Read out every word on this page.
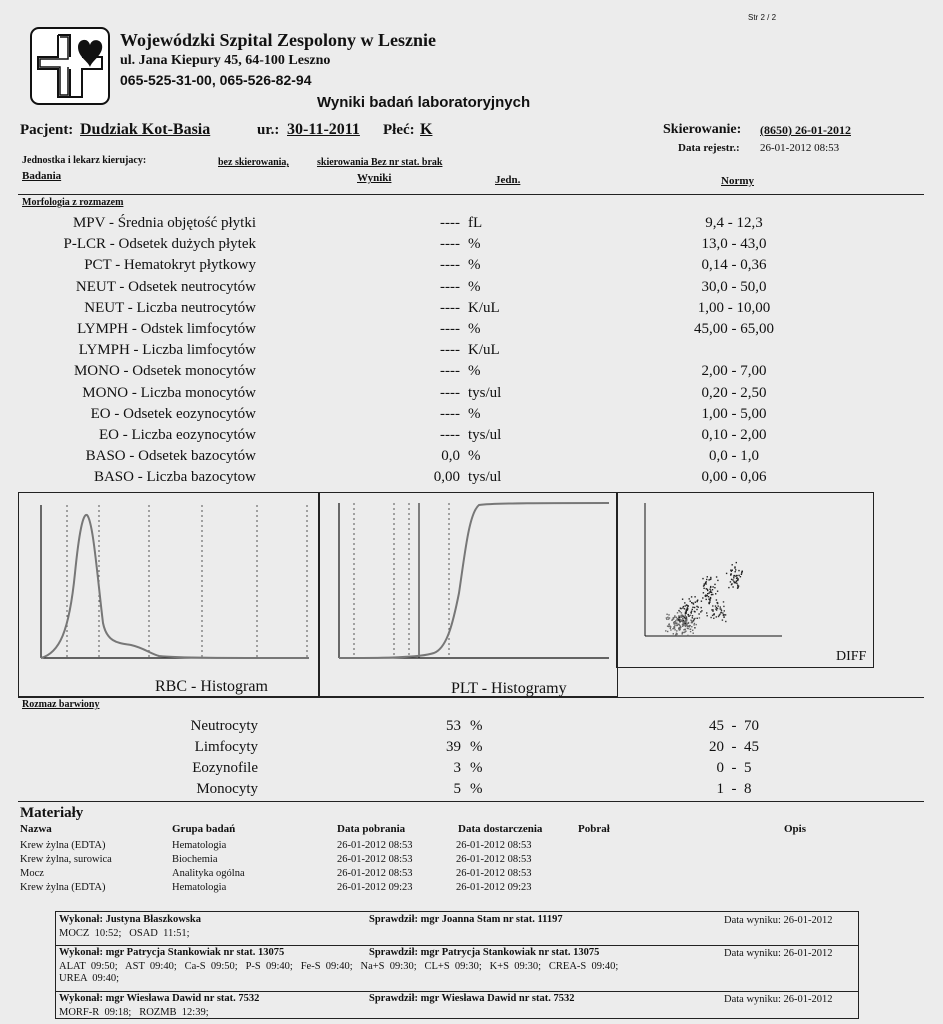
Str 2 / 2
Wojewódzki Szpital Zespolony w Lesznie
ul. Jana Kiepury 45, 64-100 Leszno
065-525-31-00, 065-526-82-94
Wyniki badań laboratoryjnych
Pacjent: Dudziak Kot-Basia	ur.: 30-11-2011 Płeć: K	Skierowanie: (8650) 26-01-2012
Data rejestr.: 26-01-2012 08:53
Jednostka i lekarz kierujacy:	bez skierowania,	skierowania Bez nr stat. brak
Badania	Wyniki	Jedn.	Normy
Morfologia z rozmazem
MPV - Średnia objętość płytki	---- fL	9,4 - 12,3
P-LCR - Odsetek dużych płytek	---- %	13,0 - 43,0
PCT - Hematokryt płytkowy	---- %	0,14 - 0,36
NEUT - Odsetek neutrocytów	---- %	30,0 - 50,0
NEUT - Liczba neutrocytów	---- K/uL	1,00 - 10,00
LYMPH - Odstek limfocytów	---- %	45,00 - 65,00
LYMPH - Liczba limfocytów	---- K/uL
MONO - Odsetek monocytów	---- %	2,00 - 7,00
MONO - Liczba monocytów	---- tys/ul	0,20 - 2,50
EO - Odsetek eozynocytów	---- %	1,00 - 5,00
EO - Liczba eozynocytów	---- tys/ul	0,10 - 2,00
BASO - Odsetek bazocytów	0,0 %	0,0 - 1,0
BASO - Liczba bazocytow	0,00 tys/ul	0,00 - 0,06
RBC - Histogram	PLT - Histogramy
DIFF
Rozmaz barwiony
Neutrocyty	53 %	45  -  70
Limfocyty	39 %	20  -  45
Eozynofile	3 %	0  -  5
Monocyty	5 %	1  -  8
Materiały
Nazwa	Grupa badań	Data pobrania	Data dostarczenia	Pobrał	Opis
Krew żylna (EDTA)	Hematologia	26-01-2012 08:53	26-01-2012 08:53
Krew żylna, surowica	Biochemia	26-01-2012 08:53	26-01-2012 08:53
Mocz	Analityka ogólna	26-01-2012 08:53	26-01-2012 08:53
Krew żylna (EDTA)	Hematologia	26-01-2012 09:23	26-01-2012 09:23
Wykonał: Justyna Błaszkowska	Sprawdził: mgr Joanna Stam nr stat. 11197	Data wyniku: 26-01-2012
MOCZ  10:52;   OSAD  11:51;
Wykonał: mgr Patrycja Stankowiak nr stat. 13075	Sprawdził: mgr Patrycja Stankowiak nr stat. 13075	Data wyniku: 26-01-2012
ALAT  09:50;   AST  09:40;   Ca-S  09:50;   P-S  09:40;   Fe-S  09:40;   Na+S  09:30;   CL+S  09:30;   K+S  09:30;   CREA-S  09:40;
UREA  09:40;
Wykonał: mgr Wiesława Dawid nr stat. 7532	Sprawdził: mgr Wiesława Dawid nr stat. 7532	Data wyniku: 26-01-2012
MORF-R  09:18;   ROZMB  12:39;
